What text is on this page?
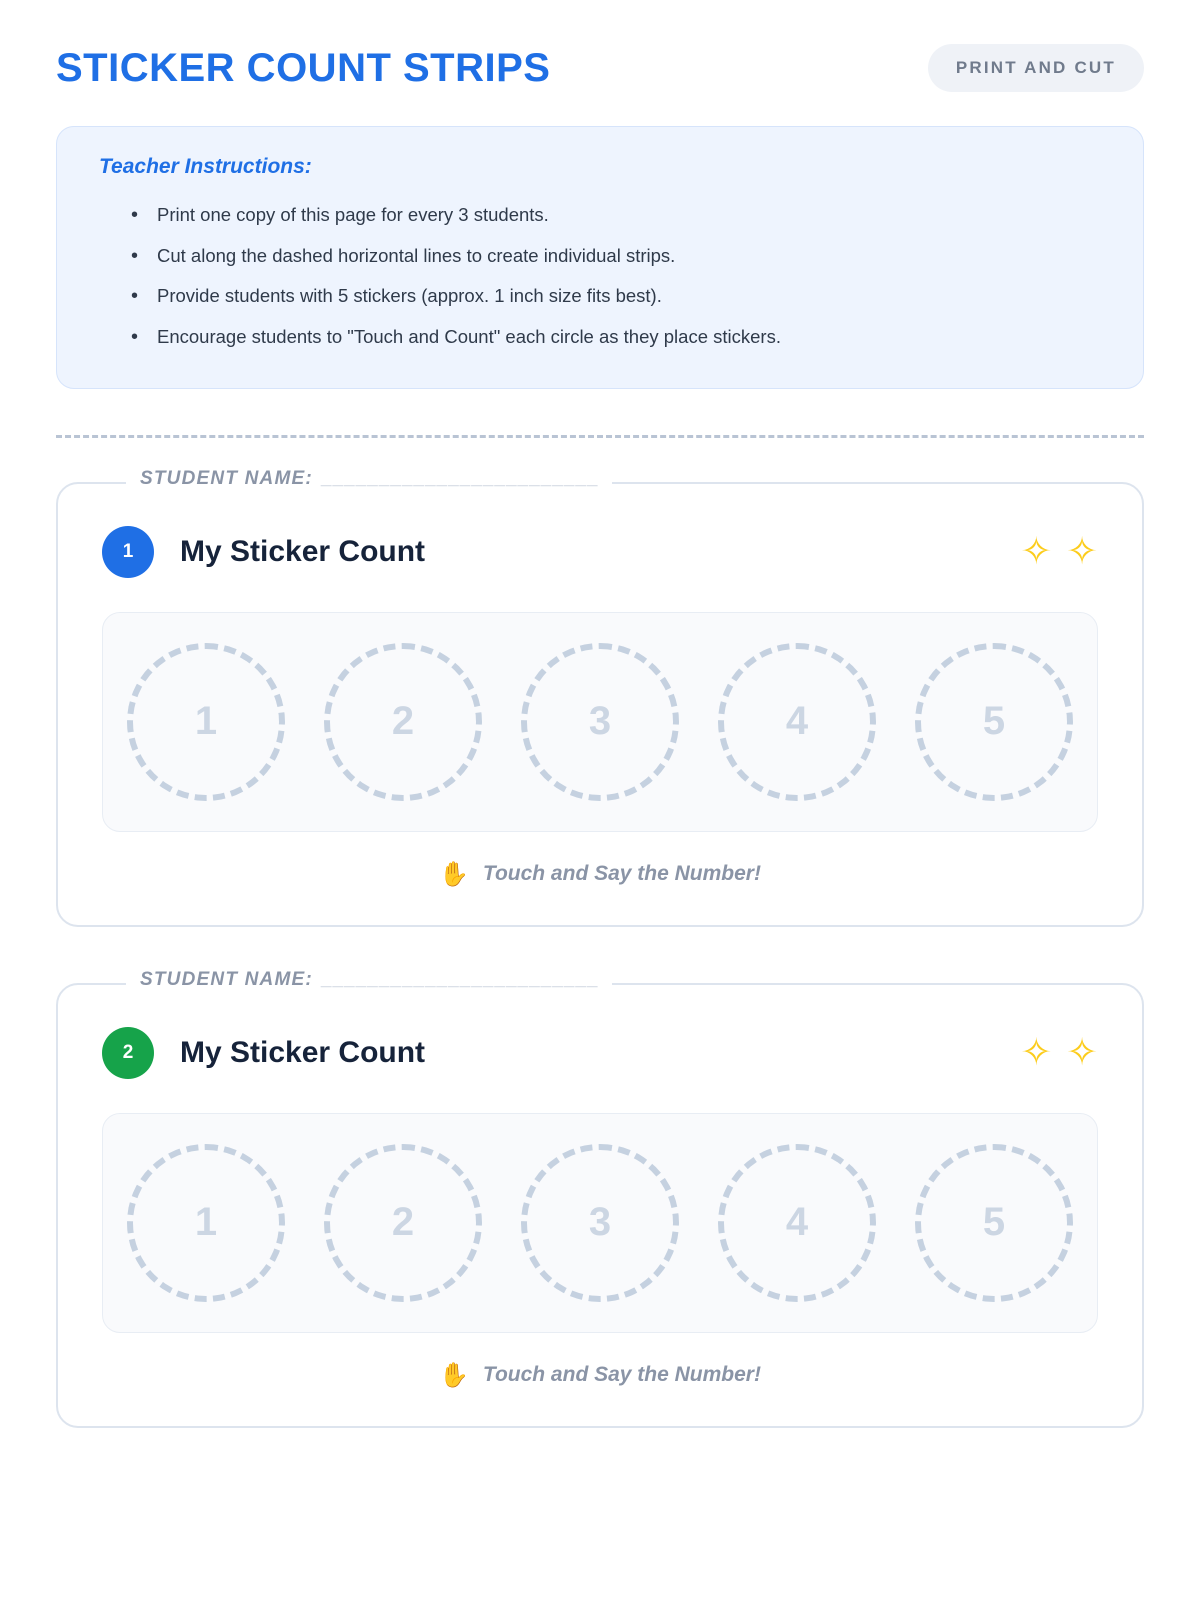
STICKER COUNT STRIPS	PRINT AND CUT
Teacher Instructions:
• Print one copy of this page for every 3 students.
• Cut along the dashed horizontal lines to create individual strips.
• Provide students with 5 stickers (approx. 1 inch size fits best).
• Encourage students to "Touch and Count" each circle as they place stickers.
STUDENT NAME: ________________________
1	My Sticker Count	✧ ✧
1	2	3	4	5
✋ Touch and Say the Number!
STUDENT NAME: ________________________
2	My Sticker Count	✧ ✧
1	2	3	4	5
✋ Touch and Say the Number!
